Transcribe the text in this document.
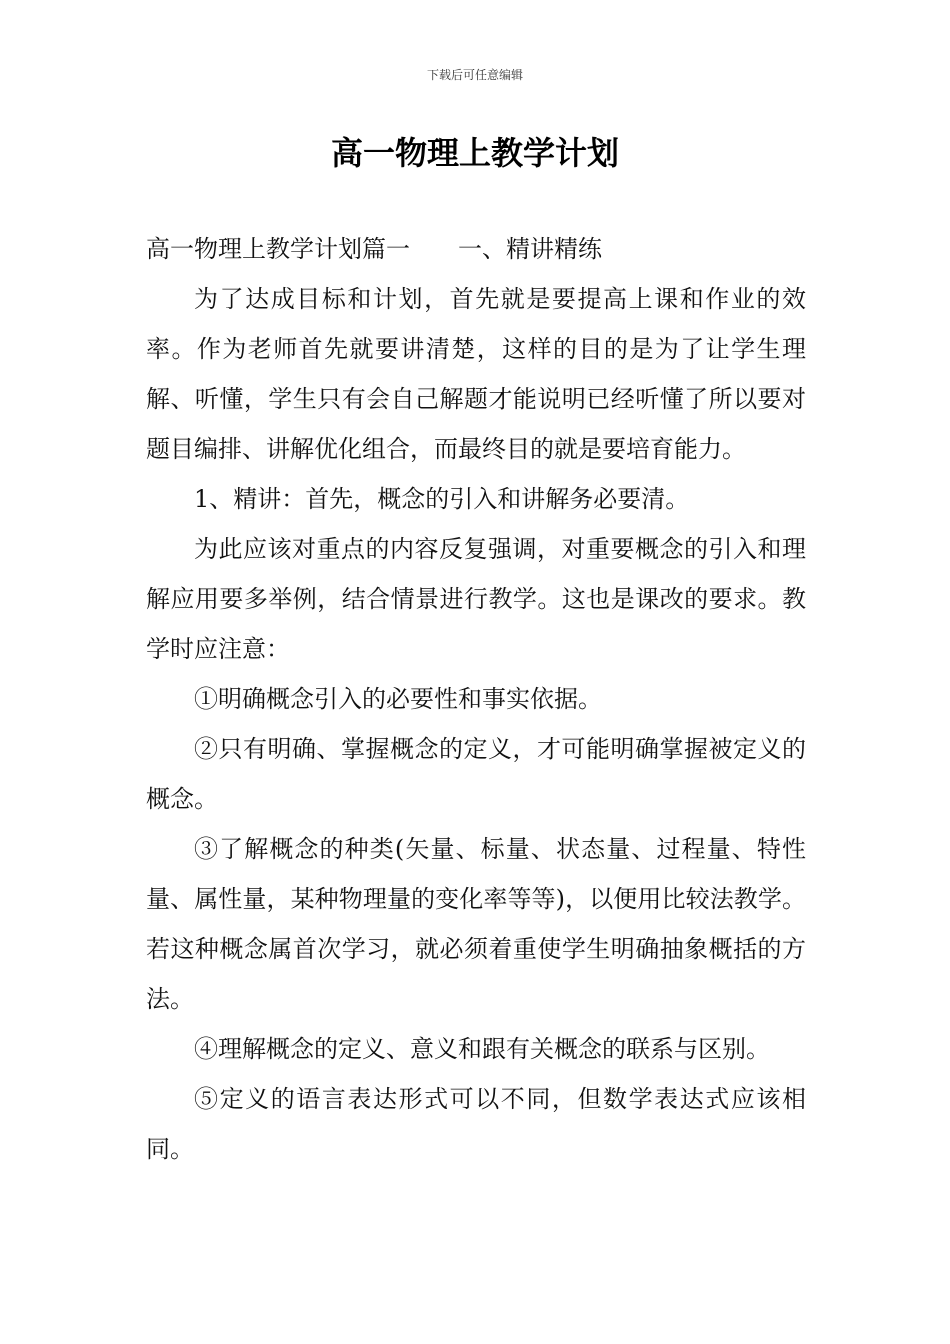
下载后可任意编辑
高一物理上教学计划

高一物理上教学计划篇一 一、精讲精练

为了达成目标和计划，首先就是要提高上课和作业的效率。作为老师首先就要讲清楚，这样的目的是为了让学生理解、听懂，学生只有会自己解题才能说明已经听懂了所以要对题目编排、讲解优化组合，而最终目的就是要培育能力。

1、精讲：首先，概念的引入和讲解务必要清。

为此应该对重点的内容反复强调，对重要概念的引入和理解应用要多举例，结合情景进行教学。这也是课改的要求。教学时应注意：

①明确概念引入的必要性和事实依据。

②只有明确、掌握概念的定义，才可能明确掌握被定义的概念。

③了解概念的种类(矢量、标量、状态量、过程量、特性量、属性量，某种物理量的变化率等等)，以便用比较法教学。若这种概念属首次学习，就必须着重使学生明确抽象概括的方法。

④理解概念的定义、意义和跟有关概念的联系与区别。

⑤定义的语言表达形式可以不同，但数学表达式应该相同。
